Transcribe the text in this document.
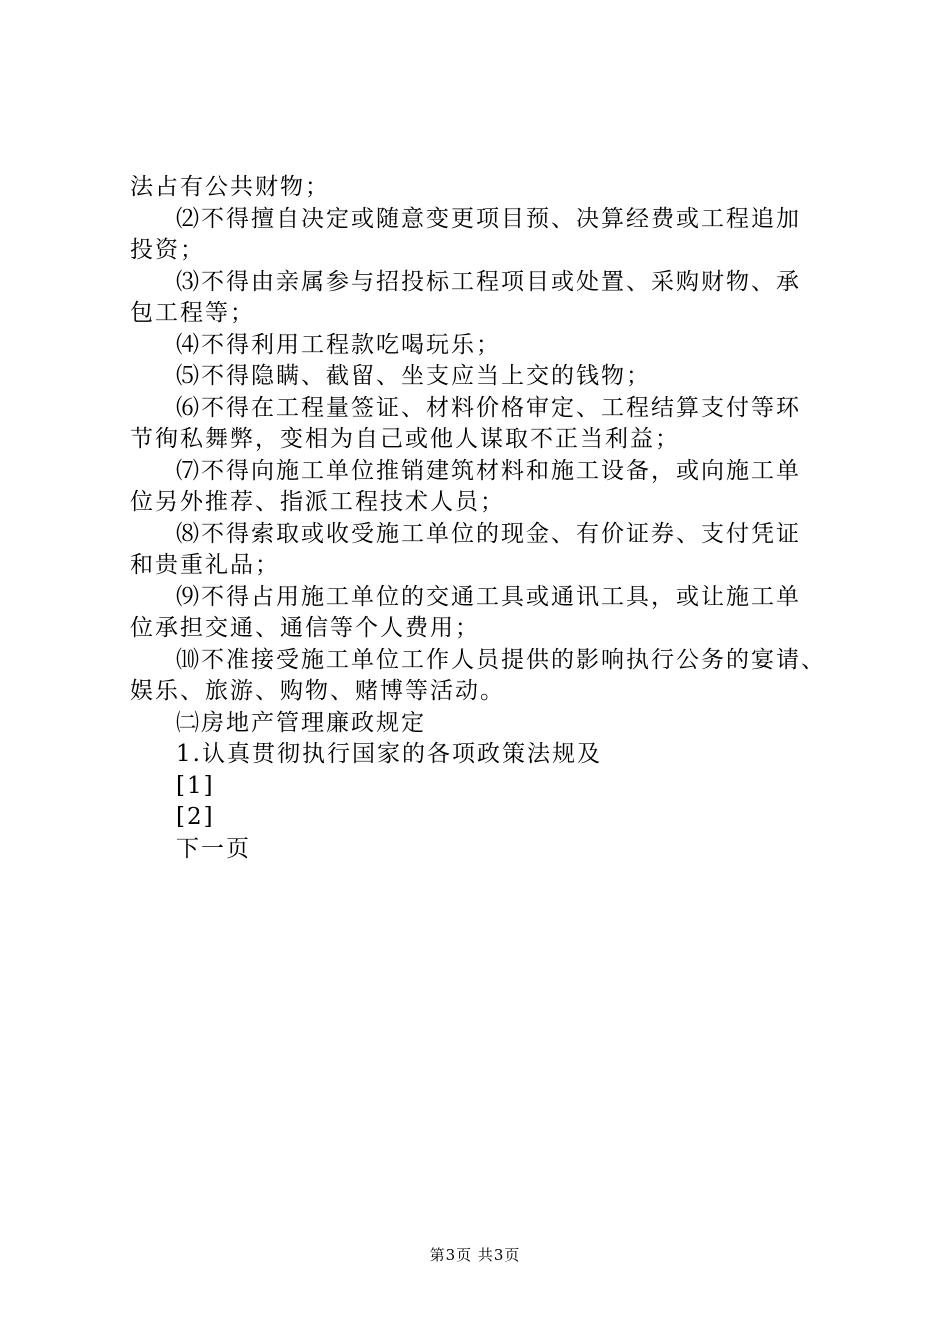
法占有公共财物；
⑵不得擅自决定或随意变更项目预、决算经费或工程追加
投资；
⑶不得由亲属参与招投标工程项目或处置、采购财物、承
包工程等；
⑷不得利用工程款吃喝玩乐；
⑸不得隐瞒、截留、坐支应当上交的钱物；
⑹不得在工程量签证、材料价格审定、工程结算支付等环
节徇私舞弊，变相为自己或他人谋取不正当利益；
⑺不得向施工单位推销建筑材料和施工设备，或向施工单
位另外推荐、指派工程技术人员；
⑻不得索取或收受施工单位的现金、有价证券、支付凭证
和贵重礼品；
⑼不得占用施工单位的交通工具或通讯工具，或让施工单
位承担交通、通信等个人费用；
⑽不准接受施工单位工作人员提供的影响执行公务的宴请、
娱乐、旅游、购物、赌博等活动。
㈡房地产管理廉政规定
1.认真贯彻执行国家的各项政策法规及
[1]
[2]
下一页
第3页 共3页
